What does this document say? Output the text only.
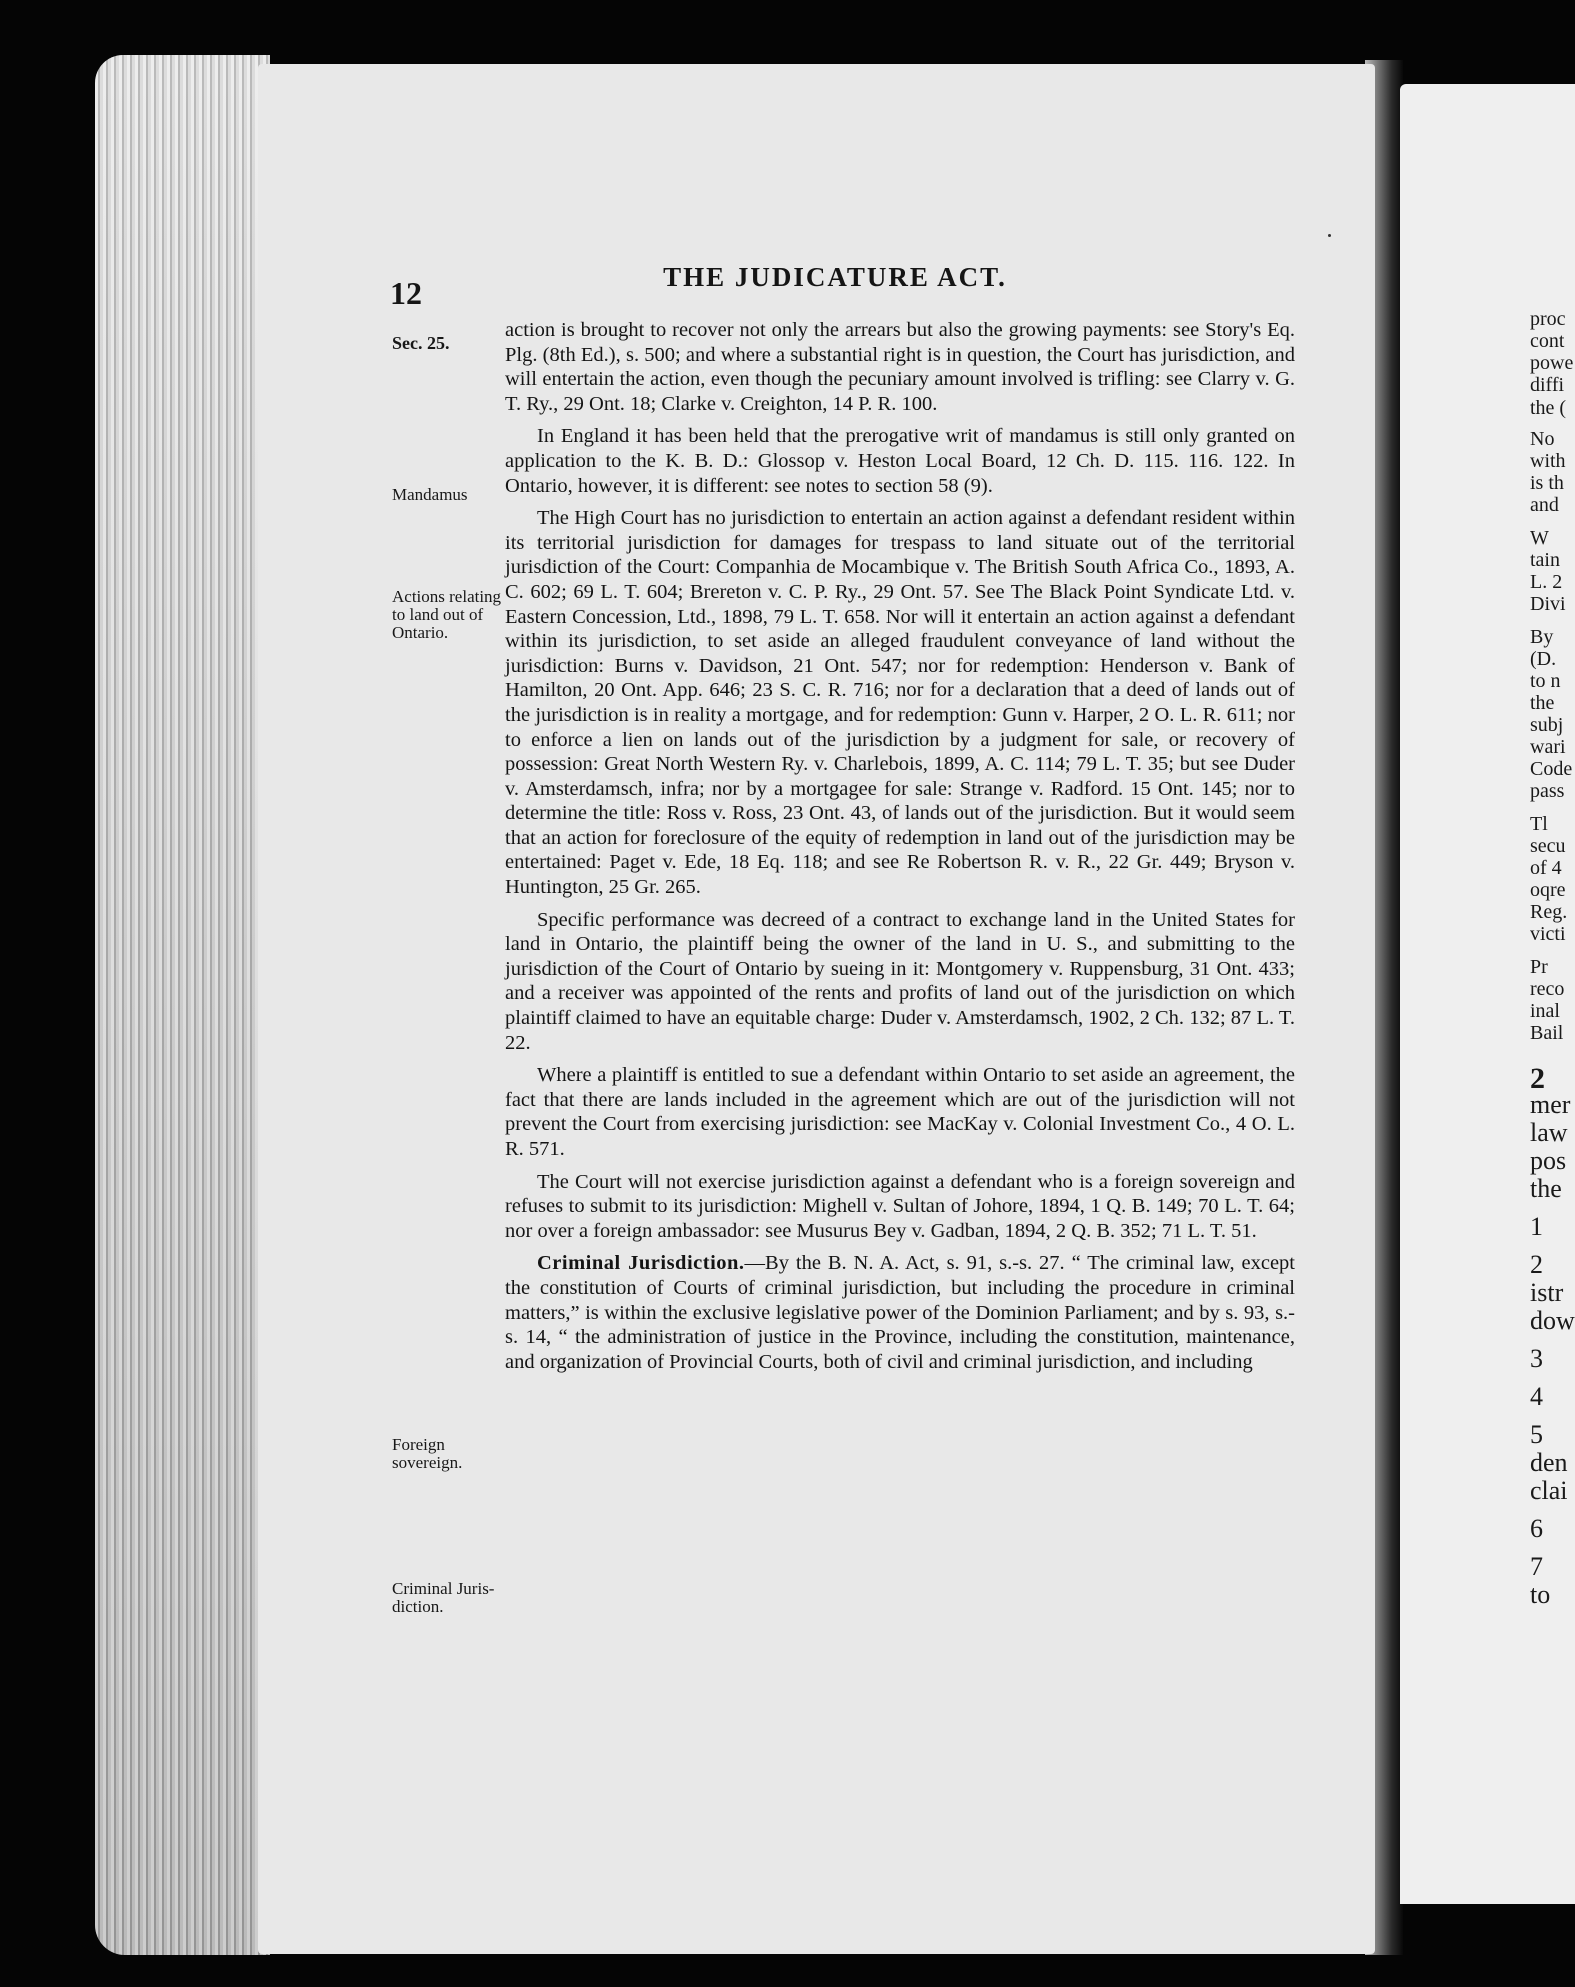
proc
cont
powe
diffi
the (
No
with
is th
and
W
tain
L. 2
Divi
By
(D.
to n
the
subj
wari
Code
pass
Tl
secu
of 4
oqre
Reg.
victi
Pr
reco
inal
Bail
2
mer
law
pos
the
1
2
istr
dow
3
4
5
den
clai
6
7
to
12	THE JUDICATURE ACT.
Sec. 25.
Mandamus
Actions relating to land out of Ontario.
Foreign sovereign.
Criminal Juris-diction.

action is brought to recover not only the arrears but also the growing payments: see Story's Eq. Plg. (8th Ed.), s. 500; and where a substantial right is in question, the Court has jurisdiction, and will entertain the action, even though the pecuniary amount involved is trifling: see Clarry v. G. T. Ry., 29 Ont. 18; Clarke v. Creighton, 14 P. R. 100.

In England it has been held that the prerogative writ of mandamus is still only granted on application to the K. B. D.: Glossop v. Heston Local Board, 12 Ch. D. 115. 116. 122. In Ontario, however, it is different: see notes to section 58 (9).

The High Court has no jurisdiction to entertain an action against a defendant resident within its territorial jurisdiction for damages for trespass to land situate out of the territorial jurisdiction of the Court: Companhia de Mocambique v. The British South Africa Co., 1893, A. C. 602; 69 L. T. 604; Brereton v. C. P. Ry., 29 Ont. 57. See The Black Point Syndicate Ltd. v. Eastern Concession, Ltd., 1898, 79 L. T. 658. Nor will it entertain an action against a defendant within its jurisdiction, to set aside an alleged fraudulent conveyance of land without the jurisdiction: Burns v. Davidson, 21 Ont. 547; nor for redemption: Henderson v. Bank of Hamilton, 20 Ont. App. 646; 23 S. C. R. 716; nor for a declaration that a deed of lands out of the jurisdiction is in reality a mortgage, and for redemption: Gunn v. Harper, 2 O. L. R. 611; nor to enforce a lien on lands out of the jurisdiction by a judgment for sale, or recovery of possession: Great North Western Ry. v. Charlebois, 1899, A. C. 114; 79 L. T. 35; but see Duder v. Amsterdamsch, infra; nor by a mortgagee for sale: Strange v. Radford. 15 Ont. 145; nor to determine the title: Ross v. Ross, 23 Ont. 43, of lands out of the jurisdiction. But it would seem that an action for foreclosure of the equity of redemption in land out of the jurisdiction may be entertained: Paget v. Ede, 18 Eq. 118; and see Re Robertson R. v. R., 22 Gr. 449; Bryson v. Huntington, 25 Gr. 265.

Specific performance was decreed of a contract to exchange land in the United States for land in Ontario, the plaintiff being the owner of the land in U. S., and submitting to the jurisdiction of the Court of Ontario by sueing in it: Montgomery v. Ruppensburg, 31 Ont. 433; and a receiver was appointed of the rents and profits of land out of the jurisdiction on which plaintiff claimed to have an equitable charge: Duder v. Amsterdamsch, 1902, 2 Ch. 132; 87 L. T. 22.

Where a plaintiff is entitled to sue a defendant within Ontario to set aside an agreement, the fact that there are lands included in the agreement which are out of the jurisdiction will not prevent the Court from exercising jurisdiction: see MacKay v. Colonial Investment Co., 4 O. L. R. 571.

The Court will not exercise jurisdiction against a defendant who is a foreign sovereign and refuses to submit to its jurisdiction: Mighell v. Sultan of Johore, 1894, 1 Q. B. 149; 70 L. T. 64; nor over a foreign ambassador: see Musurus Bey v. Gadban, 1894, 2 Q. B. 352; 71 L. T. 51.

Criminal Jurisdiction.—By the B. N. A. Act, s. 91, s.-s. 27. “ The criminal law, except the constitution of Courts of criminal jurisdiction, but including the procedure in criminal matters,” is within the exclusive legislative power of the Dominion Parliament; and by s. 93, s.-s. 14, “ the administration of justice in the Province, including the constitution, maintenance, and organization of Provincial Courts, both of civil and criminal jurisdiction, and including
